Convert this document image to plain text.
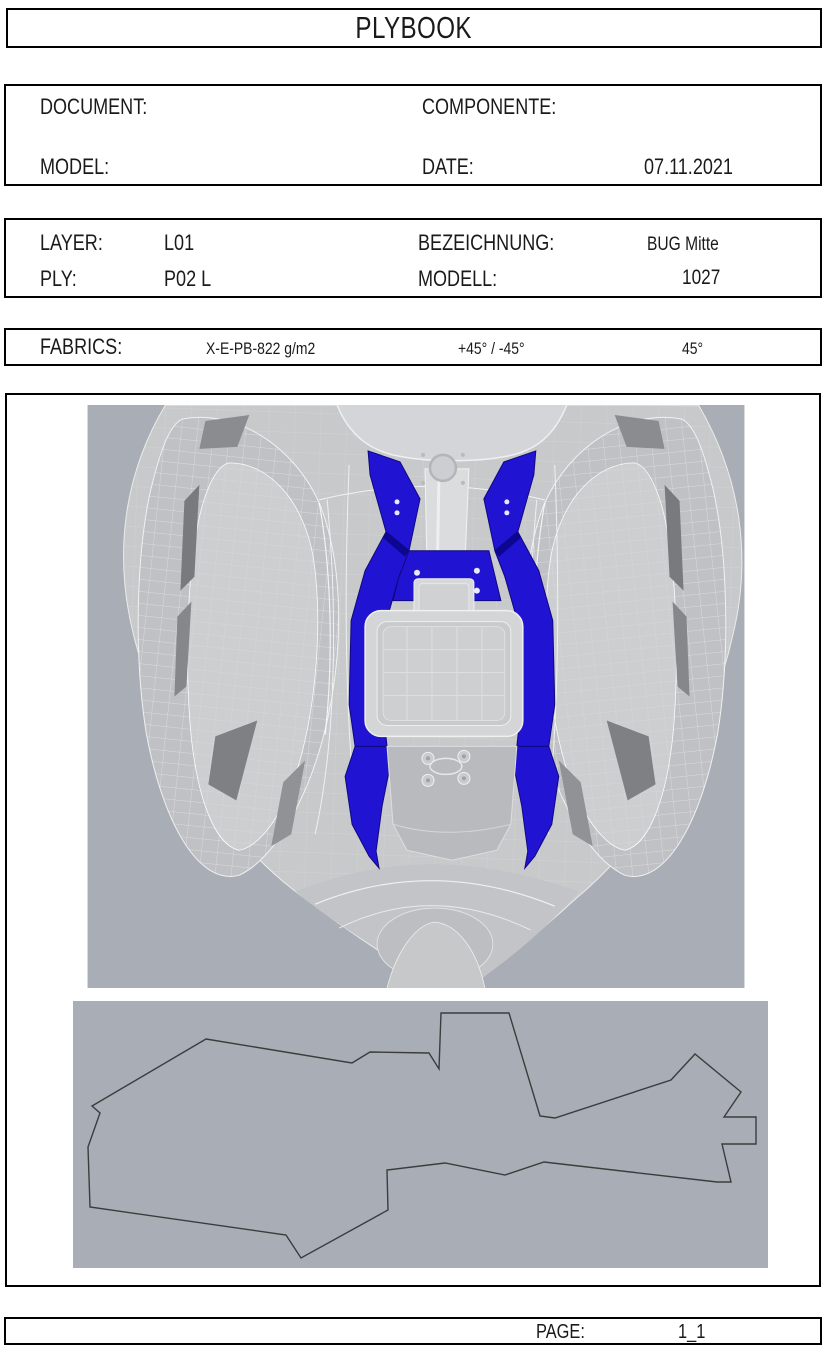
PLYBOOK
DOCUMENT:	COMPONENTE:
MODEL:	DATE:	07.11.2021
LAYER:	L01	BEZEICHNUNG:	BUG Mitte
PLY:	P02 L	MODELL:	1027
FABRICS:	X-E-PB-822 g/m2	+45° / -45°	45°
PAGE:	1_1
